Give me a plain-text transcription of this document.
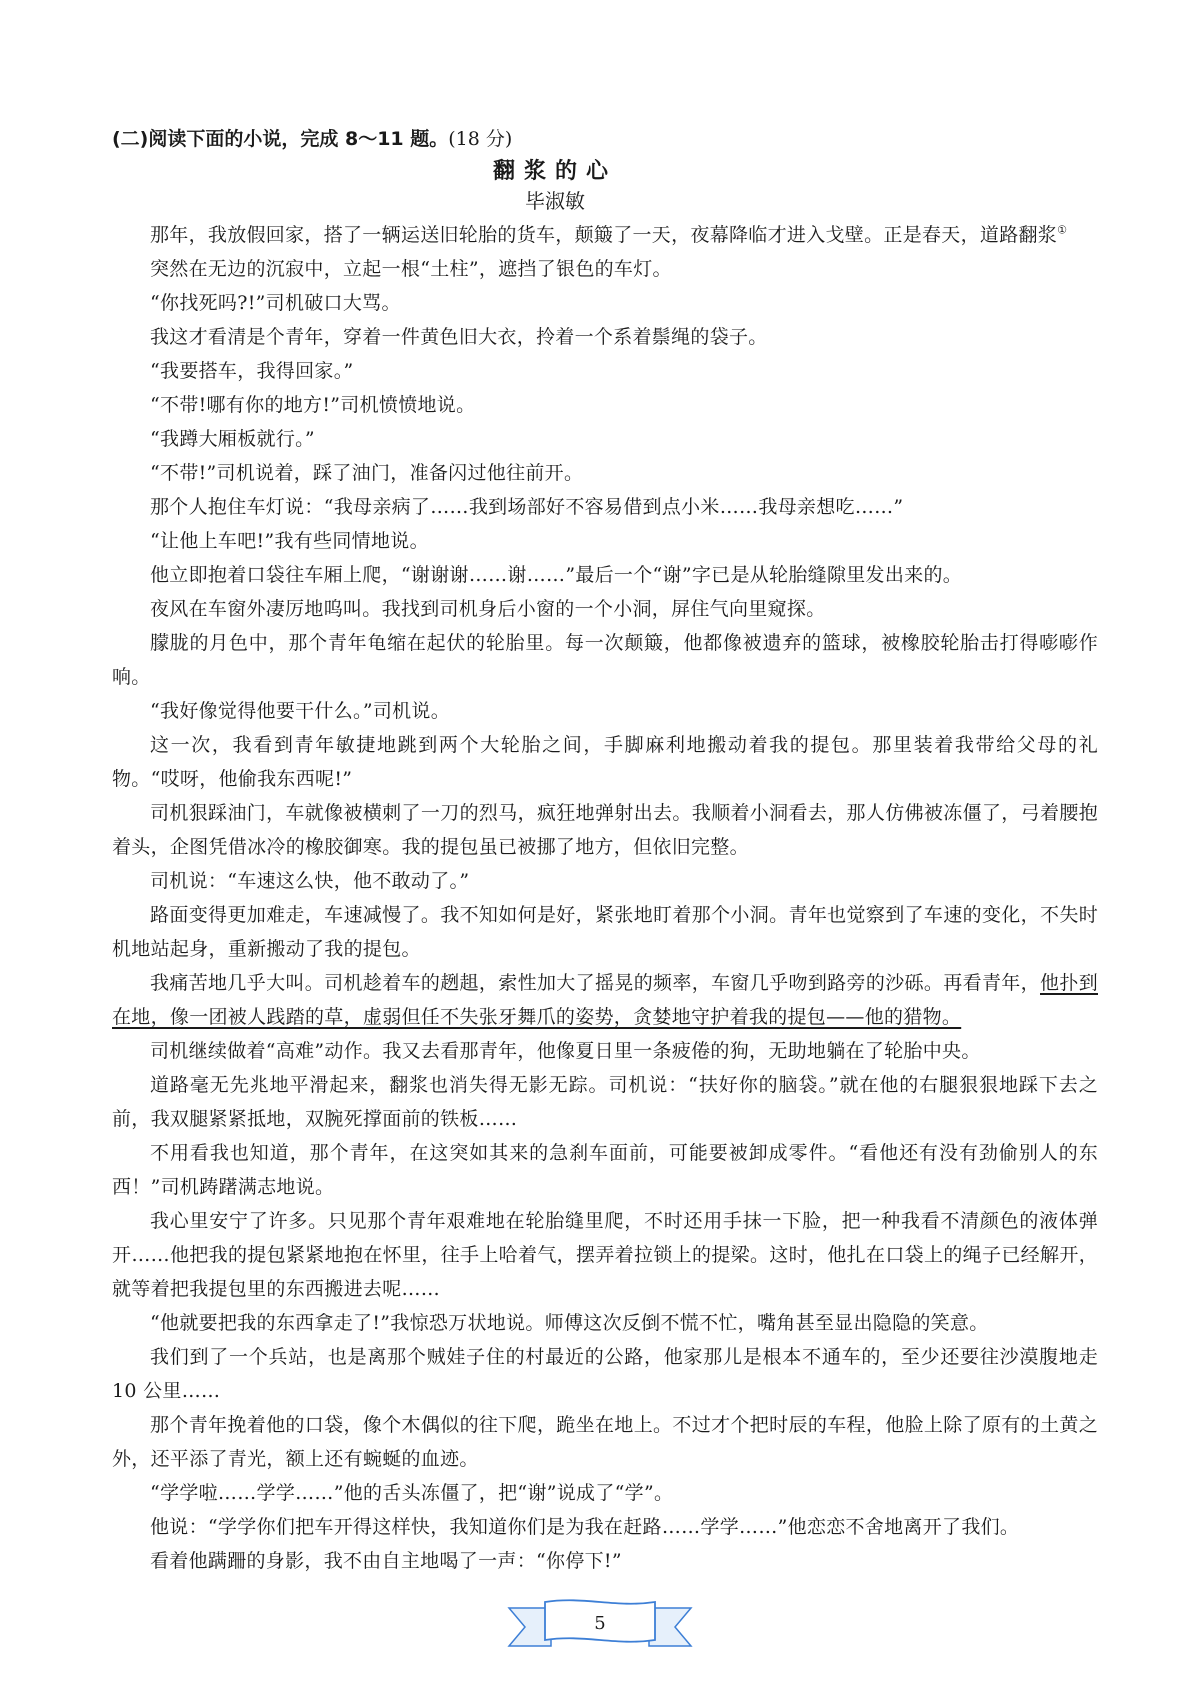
(二)阅读下面的小说，完成 8～11 题。(18 分)
翻浆的心
毕淑敏

那年，我放假回家，搭了一辆运送旧轮胎的货车，颠簸了一天，夜幕降临才进入戈壁。正是春天，道路翻浆①

突然在无边的沉寂中，立起一根“土柱”，遮挡了银色的车灯。

“你找死吗?!”司机破口大骂。

我这才看清是个青年，穿着一件黄色旧大衣，拎着一个系着鬃绳的袋子。

“我要搭车，我得回家。”

“不带!哪有你的地方!”司机愤愤地说。

“我蹲大厢板就行。”

“不带!”司机说着，踩了油门，准备闪过他往前开。

那个人抱住车灯说：“我母亲病了……我到场部好不容易借到点小米……我母亲想吃……”

“让他上车吧!”我有些同情地说。

他立即抱着口袋往车厢上爬，“谢谢谢……谢……”最后一个“谢”字已是从轮胎缝隙里发出来的。

夜风在车窗外凄厉地呜叫。我找到司机身后小窗的一个小洞，屏住气向里窥探。

朦胧的月色中，那个青年龟缩在起伏的轮胎里。每一次颠簸，他都像被遗弃的篮球，被橡胶轮胎击打得嘭嘭作响。

“我好像觉得他要干什么。”司机说。

这一次，我看到青年敏捷地跳到两个大轮胎之间，手脚麻利地搬动着我的提包。那里装着我带给父母的礼物。“哎呀，他偷我东西呢!”

司机狠踩油门，车就像被横刺了一刀的烈马，疯狂地弹射出去。我顺着小洞看去，那人仿佛被冻僵了，弓着腰抱着头，企图凭借冰冷的橡胶御寒。我的提包虽已被挪了地方，但依旧完整。

司机说：“车速这么快，他不敢动了。”

路面变得更加难走，车速减慢了。我不知如何是好，紧张地盯着那个小洞。青年也觉察到了车速的变化，不失时机地站起身，重新搬动了我的提包。

我痛苦地几乎大叫。司机趁着车的趔趄，索性加大了摇晃的频率，车窗几乎吻到路旁的沙砾。再看青年，他扑到在地，像一团被人践踏的草，虚弱但任不失张牙舞爪的姿势，贪婪地守护着我的提包——他的猎物。

司机继续做着“高难”动作。我又去看那青年，他像夏日里一条疲倦的狗，无助地躺在了轮胎中央。

道路毫无先兆地平滑起来，翻浆也消失得无影无踪。司机说：“扶好你的脑袋。”就在他的右腿狠狠地踩下去之前，我双腿紧紧抵地，双腕死撑面前的铁板……

不用看我也知道，那个青年，在这突如其来的急刹车面前，可能要被卸成零件。“看他还有没有劲偷别人的东西！”司机踌躇满志地说。

我心里安宁了许多。只见那个青年艰难地在轮胎缝里爬，不时还用手抹一下脸，把一种我看不清颜色的液体弹开……他把我的提包紧紧地抱在怀里，往手上哈着气，摆弄着拉锁上的提梁。这时，他扎在口袋上的绳子已经解开，就等着把我提包里的东西搬进去呢……

“他就要把我的东西拿走了!”我惊恐万状地说。师傅这次反倒不慌不忙，嘴角甚至显出隐隐的笑意。

我们到了一个兵站，也是离那个贼娃子住的村最近的公路，他家那儿是根本不通车的，至少还要往沙漠腹地走 10 公里……

那个青年挽着他的口袋，像个木偶似的往下爬，跪坐在地上。不过才个把时辰的车程，他脸上除了原有的土黄之外，还平添了青光，额上还有蜿蜒的血迹。

“学学啦……学学……”他的舌头冻僵了，把“谢”说成了“学”。

他说：“学学你们把车开得这样快，我知道你们是为我在赶路……学学……”他恋恋不舍地离开了我们。

看着他蹒跚的身影，我不由自主地喝了一声：“你停下!”

5
